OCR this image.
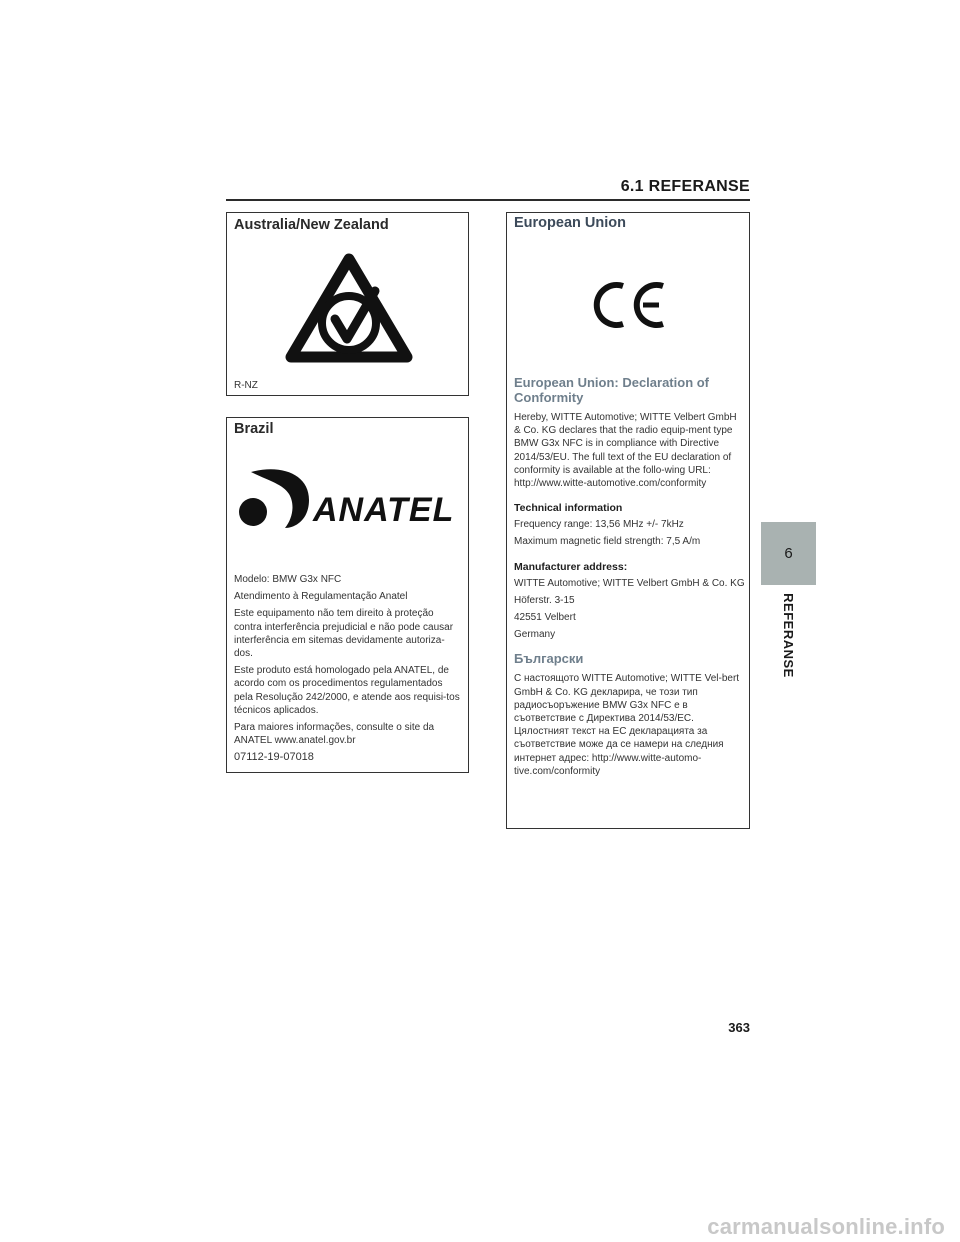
6.1 REFERANSE
Australia/New Zealand
R-NZ
Brazil
ANATEL

Modelo: BMW G3x NFC

Atendimento à Regulamentação Anatel

Este equipamento não tem direito à proteção contra interferência prejudicial e não pode causar interferência em sitemas devidamente autoriza-dos.

Este produto está homologado pela ANATEL, de acordo com os procedimentos regulamentados pela Resolução 242/2000, e atende aos requisi-tos técnicos aplicados.

Para maiores informações, consulte o site da ANATEL www.anatel.gov.br

07112-19-07018

European Union
European Union: Declaration of Conformity

Hereby, WITTE Automotive; WITTE Velbert GmbH & Co. KG declares that the radio equip-ment type BMW G3x NFC is in compliance with Directive 2014/53/EU. The full text of the EU declaration of conformity is available at the follo-wing URL: http://www.witte-automotive.com/conformity

Technical information

Frequency range: 13,56 MHz +/- 7kHz

Maximum magnetic field strength: 7,5 A/m

Manufacturer address:

WITTE Automotive; WITTE Velbert GmbH & Co. KG

Höferstr. 3-15

42551 Velbert

Germany

Български

С настоящото WITTE Automotive; WITTE Vel-bert GmbH & Co. KG декларира, че този тип радиосъоръжение BMW G3x NFC е в съответствие с Директива 2014/53/ЕС. Цялостният текст на ЕС декларацията за съответствие може да се намери на следния интернет адрес: http://www.witte-automo-tive.com/conformity

6
REFERANSE
363
carmanualsonline.info
